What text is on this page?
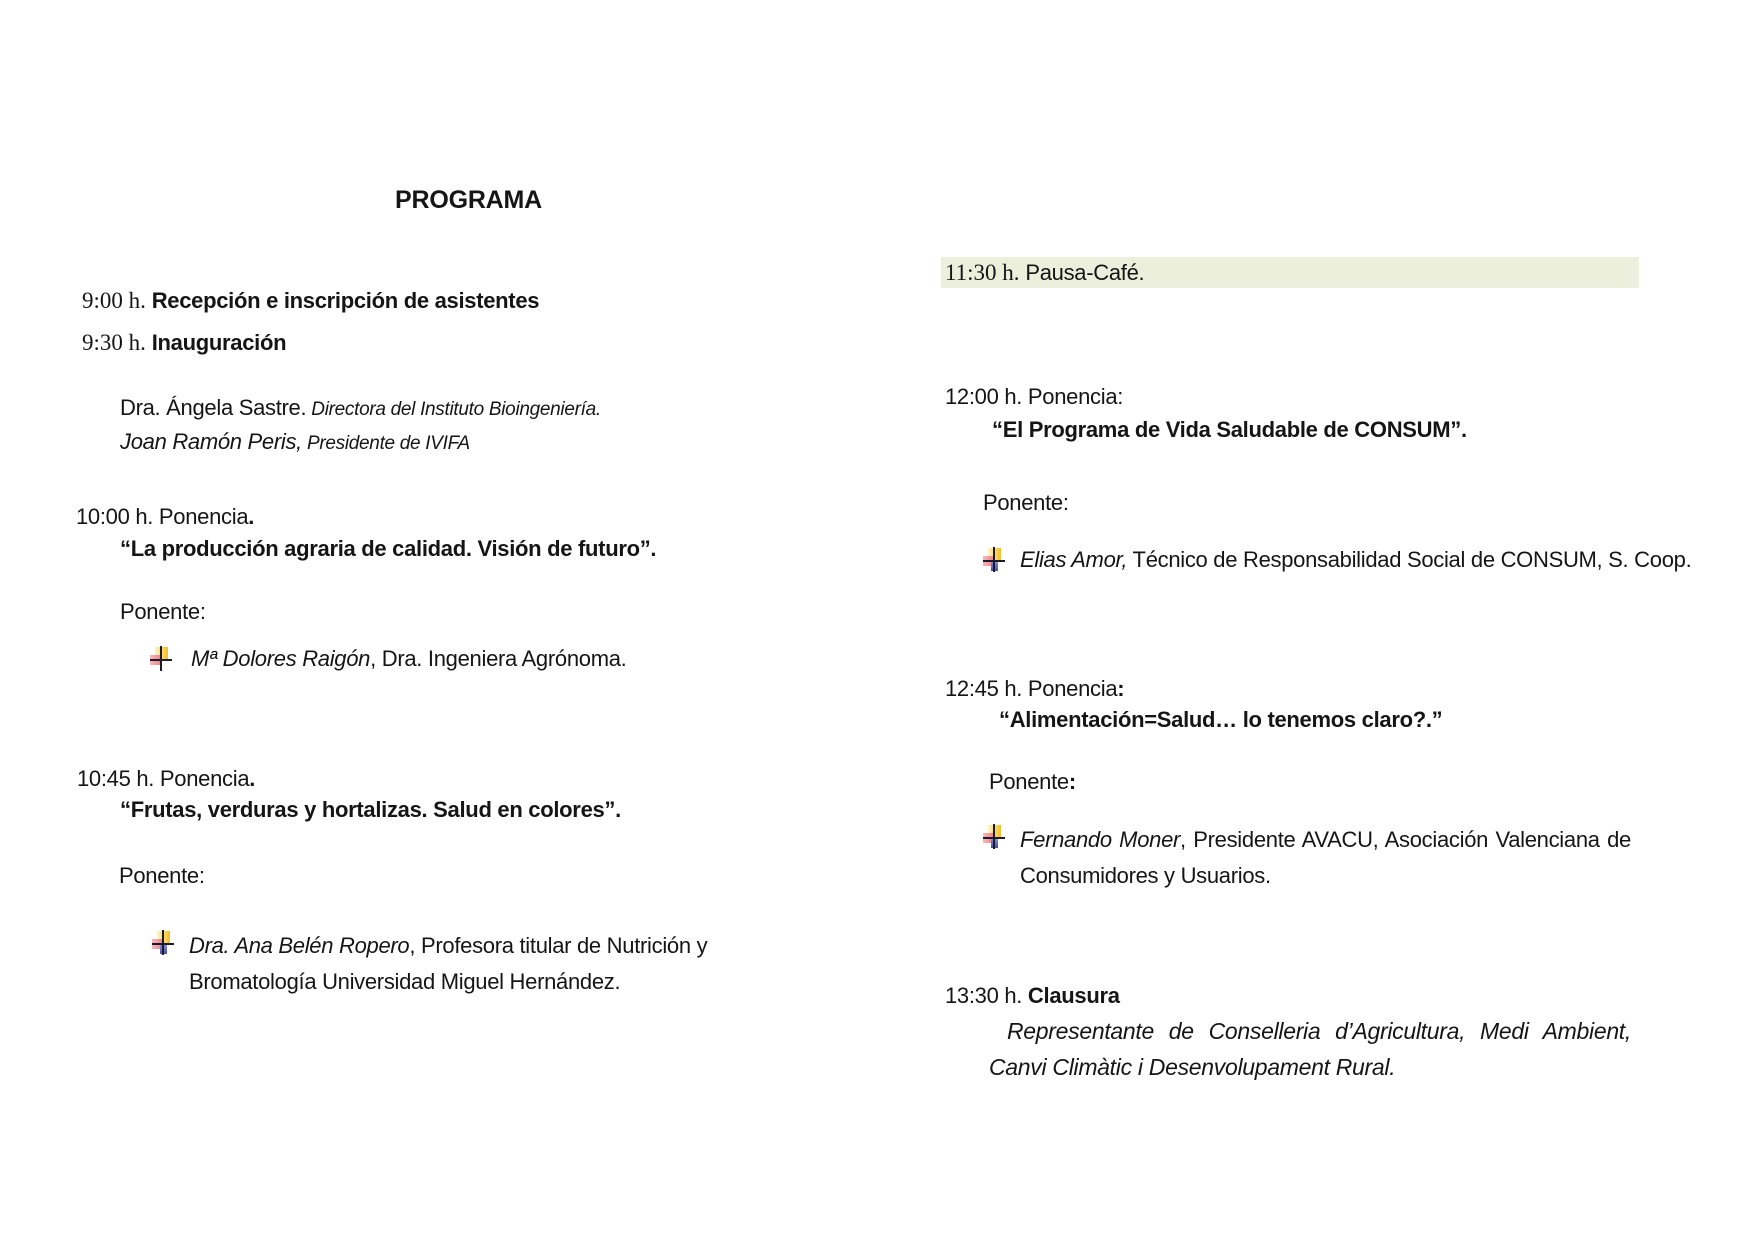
PROGRAMA
9:00 h. Recepción e inscripción de asistentes
9:30 h. Inauguración
Dra. Ángela Sastre. Directora del Instituto Bioingeniería.
Joan Ramón Peris, Presidente de IVIFA
10:00 h. Ponencia.
“La producción agraria de calidad. Visión de futuro”.
Ponente:
Mª Dolores Raigón, Dra. Ingeniera Agrónoma.
10:45 h. Ponencia.
“Frutas, verduras y hortalizas. Salud en colores”.
Ponente:
Dra. Ana Belén Ropero, Profesora titular de Nutrición y
Bromatología Universidad Miguel Hernández.
11:30 h. Pausa-Café.
12:00 h. Ponencia:
“El Programa de Vida Saludable de CONSUM”.
Ponente:
Elias Amor, Técnico de Responsabilidad Social de CONSUM, S. Coop.
12:45 h. Ponencia:
“Alimentación=Salud… lo tenemos claro?.”
Ponente:
Fernando Moner, Presidente AVACU, Asociación Valenciana de
Consumidores y Usuarios.
13:30 h. Clausura
Representante de Conselleria d’Agricultura, Medi Ambient,
Canvi Climàtic i Desenvolupament Rural.
